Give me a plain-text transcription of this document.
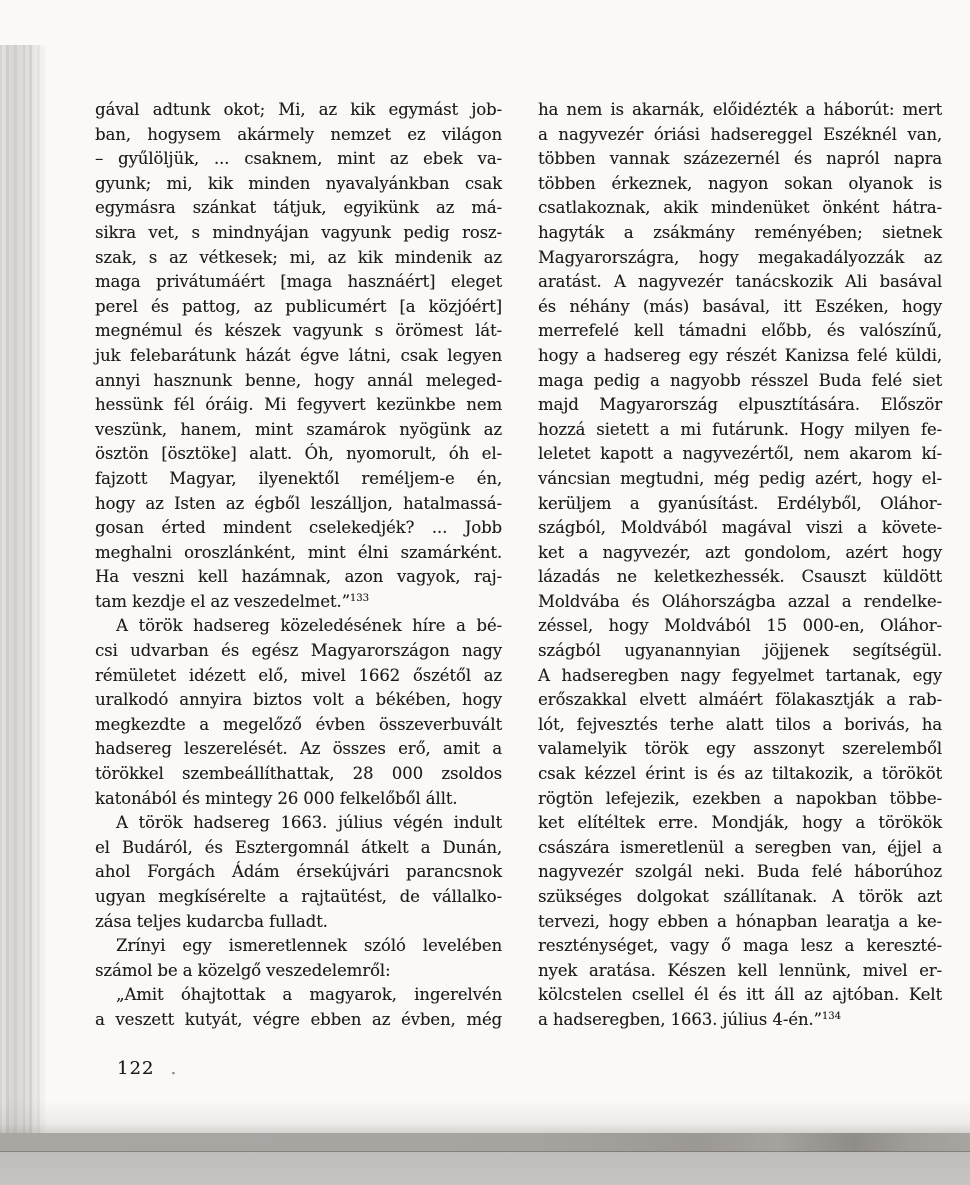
gával adtunk okot; Mi, az kik egymást job-
ban, hogysem akármely nemzet ez világon
– gyűlöljük, ... csaknem, mint az ebek va-
gyunk; mi, kik minden nyavalyánkban csak
egymásra szánkat tátjuk, egyikünk az má-
sikra vet, s mindnyájan vagyunk pedig rosz-
szak, s az vétkesek; mi, az kik mindenik az
maga privátumáért [maga hasznáért] eleget
perel és pattog, az publicumért [a közjóért]
megnémul és készek vagyunk s örömest lát-
juk felebarátunk házát égve látni, csak legyen
annyi hasznunk benne, hogy annál meleged-
hessünk fél óráig. Mi fegyvert kezünkbe nem
veszünk, hanem, mint szamárok nyögünk az
ösztön [ösztöke] alatt. Óh, nyomorult, óh el-
fajzott Magyar, ilyenektől reméljem-e én,
hogy az Isten az égből leszálljon, hatalmassá-
gosan érted mindent cselekedjék? ... Jobb
meghalni oroszlánként, mint élni szamárként.
Ha veszni kell hazámnak, azon vagyok, raj-
tam kezdje el az veszedelmet.”$^{133}$
A török hadsereg közeledésének híre a bé-
csi udvarban és egész Magyarországon nagy
rémületet idézett elő, mivel 1662 őszétől az
uralkodó annyira biztos volt a békében, hogy
megkezdte a megelőző évben összeverbuvált
hadsereg leszerelését. Az összes erő, amit a
törökkel szembeállíthattak, 28 000 zsoldos
katonából és mintegy 26 000 felkelőből állt.
A török hadsereg 1663. július végén indult
el Budáról, és Esztergomnál átkelt a Dunán,
ahol Forgách Ádám érsekújvári parancsnok
ugyan megkísérelte a rajtaütést, de vállalko-
zása teljes kudarcba fulladt.
Zrínyi egy ismeretlennek szóló levelében
számol be a közelgő veszedelemről:
„Amit óhajtottak a magyarok, ingerelvén
a veszett kutyát, végre ebben az évben, még
ha nem is akarnák, előidézték a háborút: mert
a nagyvezér óriási hadsereggel Eszéknél van,
többen vannak százezernél és napról napra
többen érkeznek, nagyon sokan olyanok is
csatlakoznak, akik mindenüket önként hátra-
hagyták a zsákmány reményében; sietnek
Magyarországra, hogy megakadályozzák az
aratást. A nagyvezér tanácskozik Ali basával
és néhány (más) basával, itt Eszéken, hogy
merrefelé kell támadni előbb, és valószínű,
hogy a hadsereg egy részét Kanizsa felé küldi,
maga pedig a nagyobb résszel Buda felé siet
majd Magyarország elpusztítására. Először
hozzá sietett a mi futárunk. Hogy milyen fe-
leletet kapott a nagyvezértől, nem akarom kí-
váncsian megtudni, még pedig azért, hogy el-
kerüljem a gyanúsítást. Erdélyből, Oláhor-
szágból, Moldvából magával viszi a követe-
ket a nagyvezér, azt gondolom, azért hogy
lázadás ne keletkezhessék. Csauszt küldött
Moldvába és Oláhországba azzal a rendelke-
zéssel, hogy Moldvából 15 000-en, Oláhor-
szágból ugyanannyian jöjjenek segítségül.
A hadseregben nagy fegyelmet tartanak, egy
erőszakkal elvett almáért fölakasztják a rab-
lót, fejvesztés terhe alatt tilos a borivás, ha
valamelyik török egy asszonyt szerelemből
csak kézzel érint is és az tiltakozik, a törököt
rögtön lefejezik, ezekben a napokban többe-
ket elítéltek erre. Mondják, hogy a törökök
császára ismeretlenül a seregben van, éjjel a
nagyvezér szolgál neki. Buda felé háborúhoz
szükséges dolgokat szállítanak. A török azt
tervezi, hogy ebben a hónapban learatja a ke-
reszténységet, vagy ő maga lesz a kereszté-
nyek aratása. Készen kell lennünk, mivel er-
kölcstelen csellel él és itt áll az ajtóban. Kelt
a hadseregben, 1663. július 4-én.”$^{134}$
122 .
